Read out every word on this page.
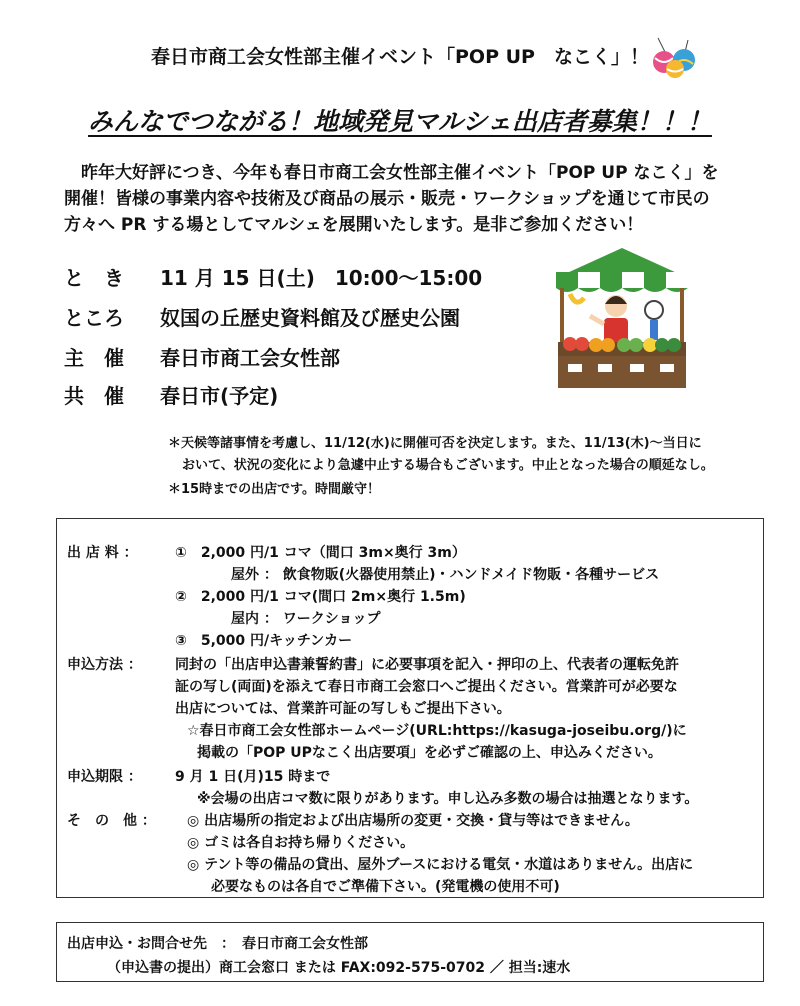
春日市商工会女性部主催イベント「POP UP　なこく」！
みんなでつながる！地域発見マルシェ出店者募集！！！
　昨年大好評につき、今年も春日市商工会女性部主催イベント「POP UP なこく」を
開催！皆様の事業内容や技術及び商品の展示・販売・ワークショップを通じて市民の
方々へ PR する場としてマルシェを展開いたします。是非ご参加ください！
と　き	11 月 15 日(土)　10:00～15:00
ところ	奴国の丘歴史資料館及び歴史公園
主　催	春日市商工会女性部
共　催	春日市(予定)
＊天候等諸事情を考慮し、11/12(水)に開催可否を決定します。また、11/13(木)～当日に
おいて、状況の変化により急遽中止する場合もございます。中止となった場合の順延なし。
＊15時までの出店です。時間厳守！
出 店 料 ：	①　2,000 円/1 コマ（間口 3m×奥行 3m）
屋外 ： 飲食物販(火器使用禁止)・ハンドメイド物販・各種サービス
②　2,000 円/1 コマ(間口 2m×奥行 1.5m)
屋内 ： ワークショップ
③　5,000 円/キッチンカー
申込方法 ：	同封の「出店申込書兼誓約書」に必要事項を記入・押印の上、代表者の運転免許
証の写し(両面)を添えて春日市商工会窓口へご提出ください。営業許可が必要な
出店については、営業許可証の写しもご提出下さい。
☆春日市商工会女性部ホームページ(URL:https://kasuga-joseibu.org/)に
掲載の「POP UPなこく出店要項」を必ずご確認の上、申込みください。
申込期限 ：	9 月 1 日(月)15 時まで
※会場の出店コマ数に限りがあります。申し込み多数の場合は抽選となります。
そ　の　他 ：	◎ 出店場所の指定および出店場所の変更・交換・貸与等はできません。
◎ ゴミは各自お持ち帰りください。
◎ テント等の備品の貸出、屋外ブースにおける電気・水道はありません。出店に
必要なものは各自でご準備下さい。(発電機の使用不可)
出店申込・お問合せ先　：　春日市商工会女性部
（申込書の提出）商工会窓口 または FAX:092-575-0702 ／ 担当:速水
